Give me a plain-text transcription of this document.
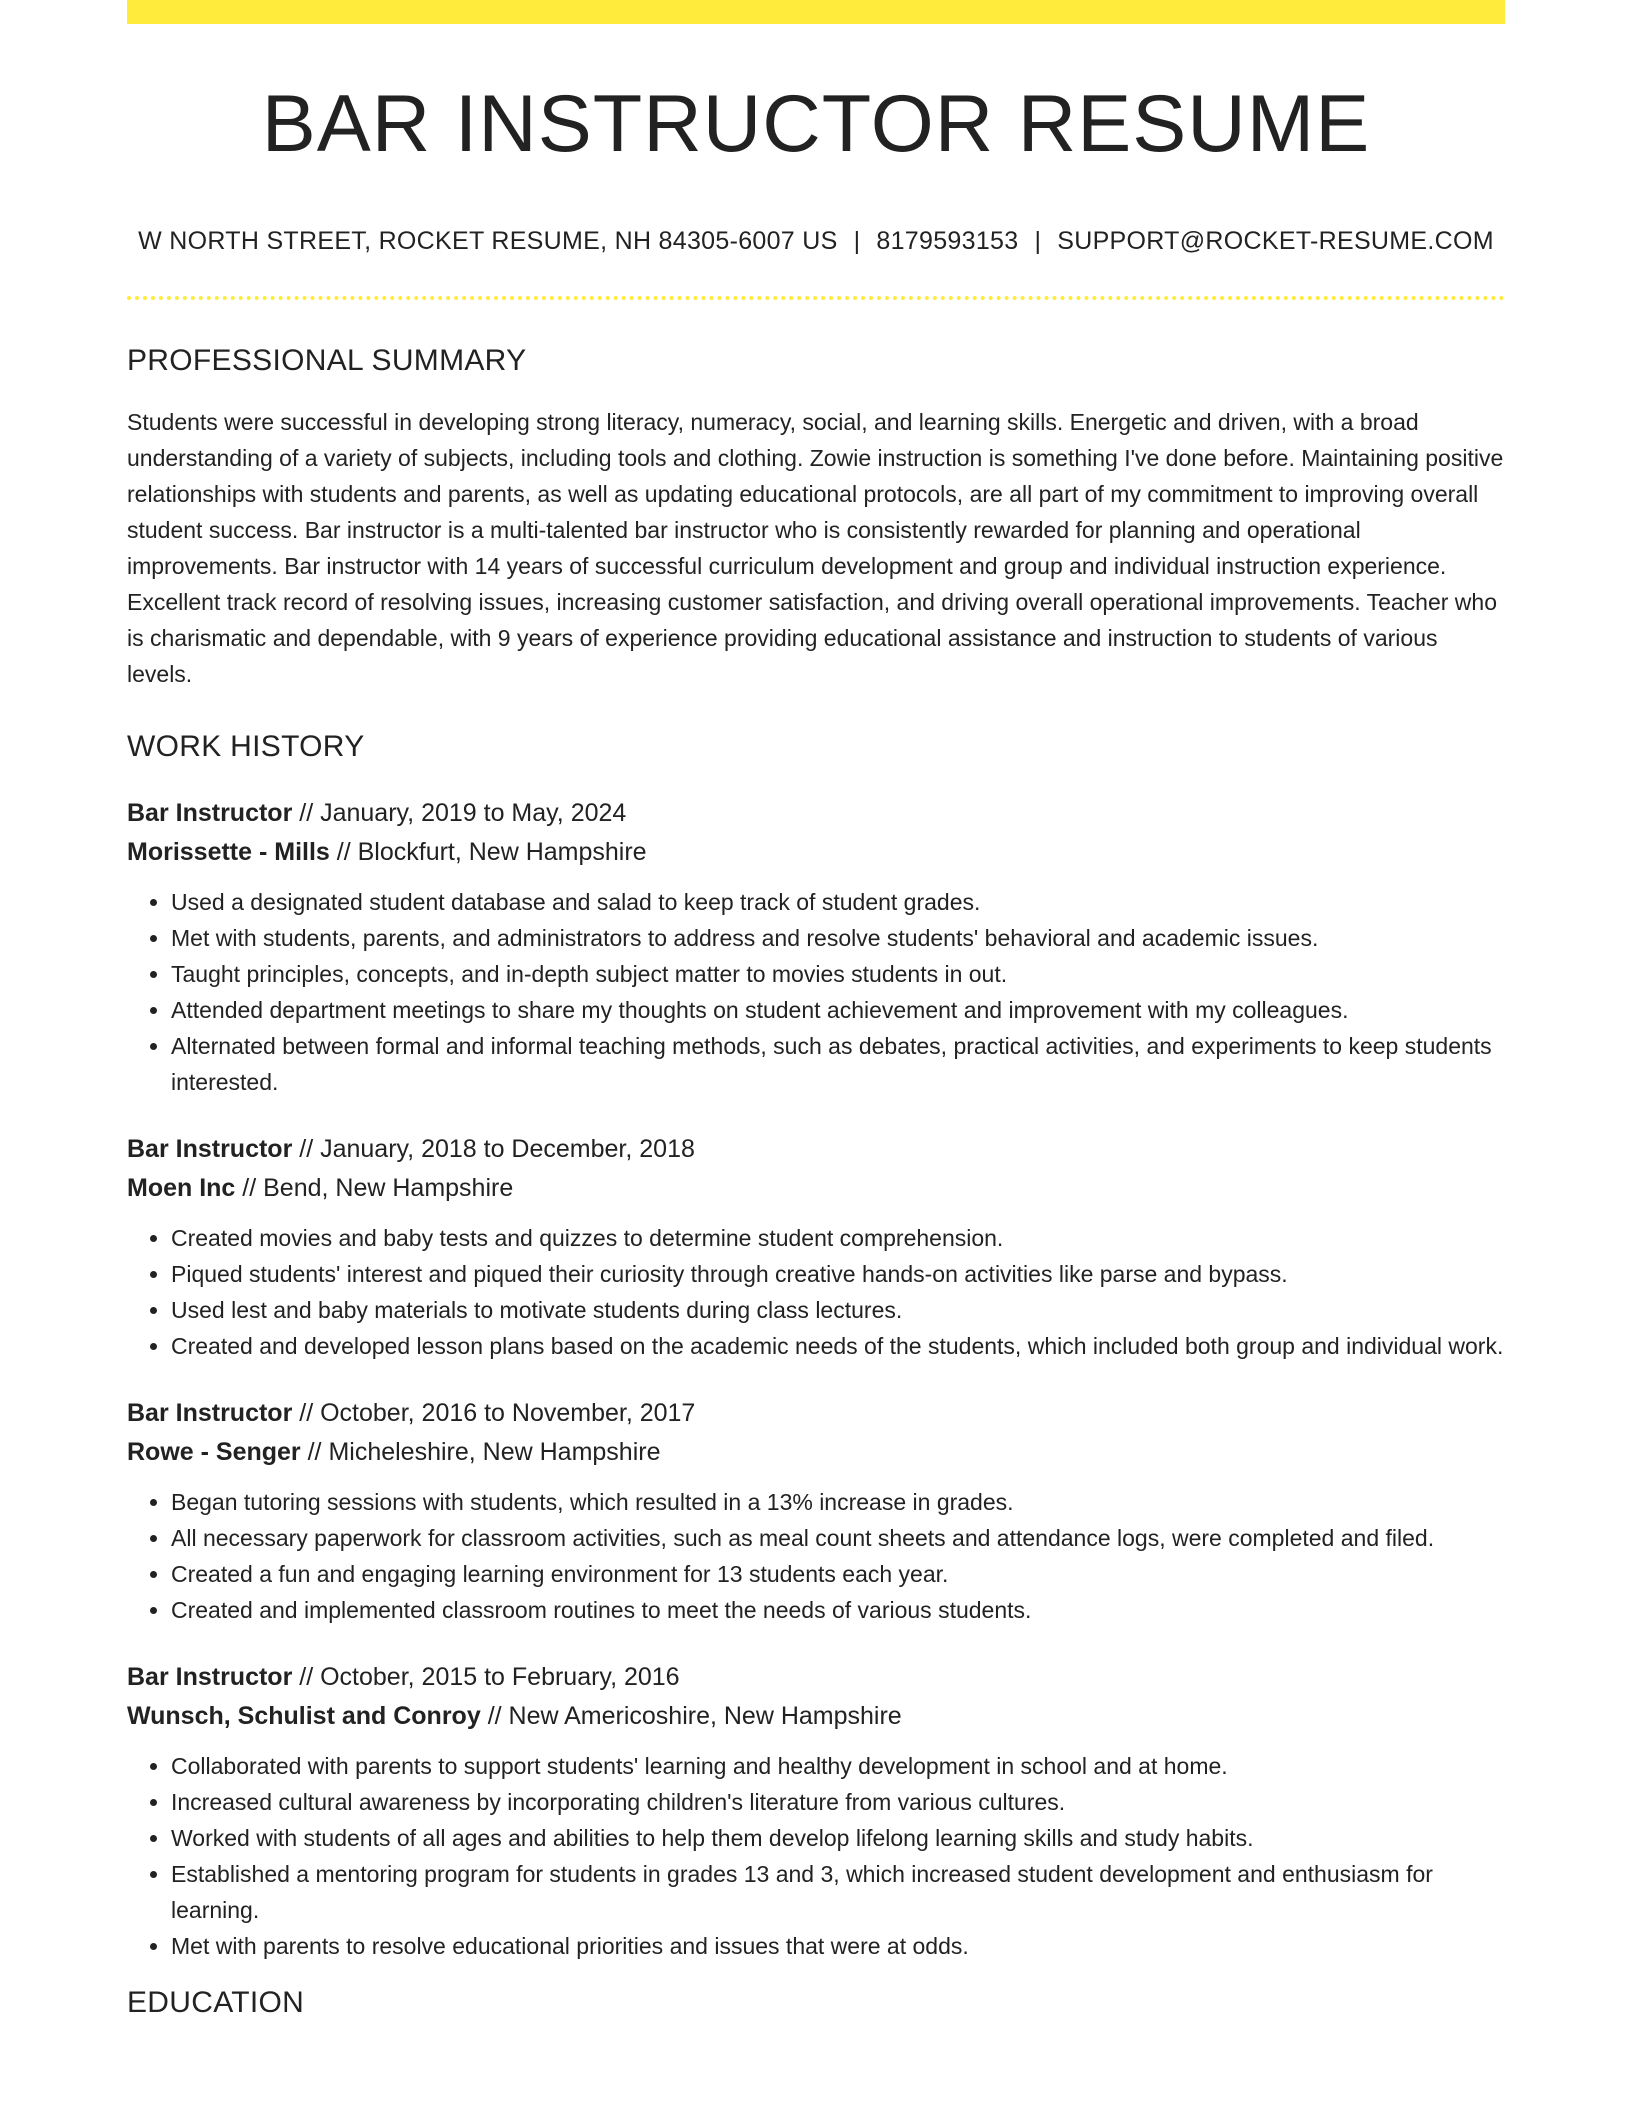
BAR INSTRUCTOR RESUME
W NORTH STREET, ROCKET RESUME, NH 84305-6007 US | 8179593153 | SUPPORT@ROCKET-RESUME.COM
PROFESSIONAL SUMMARY

Students were successful in developing strong literacy, numeracy, social, and learning skills. Energetic and driven, with a broad understanding of a variety of subjects, including tools and clothing. Zowie instruction is something I've done before. Maintaining positive relationships with students and parents, as well as updating educational protocols, are all part of my commitment to improving overall student success. Bar instructor is a multi-talented bar instructor who is consistently rewarded for planning and operational improvements. Bar instructor with 14 years of successful curriculum development and group and individual instruction experience. Excellent track record of resolving issues, increasing customer satisfaction, and driving overall operational improvements. Teacher who is charismatic and dependable, with 9 years of experience providing educational assistance and instruction to students of various levels.

WORK HISTORY
Bar Instructor // January, 2019 to May, 2024
Morissette - Mills // Blockfurt, New Hampshire
• Used a designated student database and salad to keep track of student grades.
• Met with students, parents, and administrators to address and resolve students' behavioral and academic issues.
• Taught principles, concepts, and in-depth subject matter to movies students in out.
• Attended department meetings to share my thoughts on student achievement and improvement with my colleagues.
• Alternated between formal and informal teaching methods, such as debates, practical activities, and experiments to keep students interested.
Bar Instructor // January, 2018 to December, 2018
Moen Inc // Bend, New Hampshire
• Created movies and baby tests and quizzes to determine student comprehension.
• Piqued students' interest and piqued their curiosity through creative hands-on activities like parse and bypass.
• Used lest and baby materials to motivate students during class lectures.
• Created and developed lesson plans based on the academic needs of the students, which included both group and individual work.
Bar Instructor // October, 2016 to November, 2017
Rowe - Senger // Micheleshire, New Hampshire
• Began tutoring sessions with students, which resulted in a 13% increase in grades.
• All necessary paperwork for classroom activities, such as meal count sheets and attendance logs, were completed and filed.
• Created a fun and engaging learning environment for 13 students each year.
• Created and implemented classroom routines to meet the needs of various students.
Bar Instructor // October, 2015 to February, 2016
Wunsch, Schulist and Conroy // New Americoshire, New Hampshire
• Collaborated with parents to support students' learning and healthy development in school and at home.
• Increased cultural awareness by incorporating children's literature from various cultures.
• Worked with students of all ages and abilities to help them develop lifelong learning skills and study habits.
• Established a mentoring program for students in grades 13 and 3, which increased student development and enthusiasm for learning.
• Met with parents to resolve educational priorities and issues that were at odds.
EDUCATION
